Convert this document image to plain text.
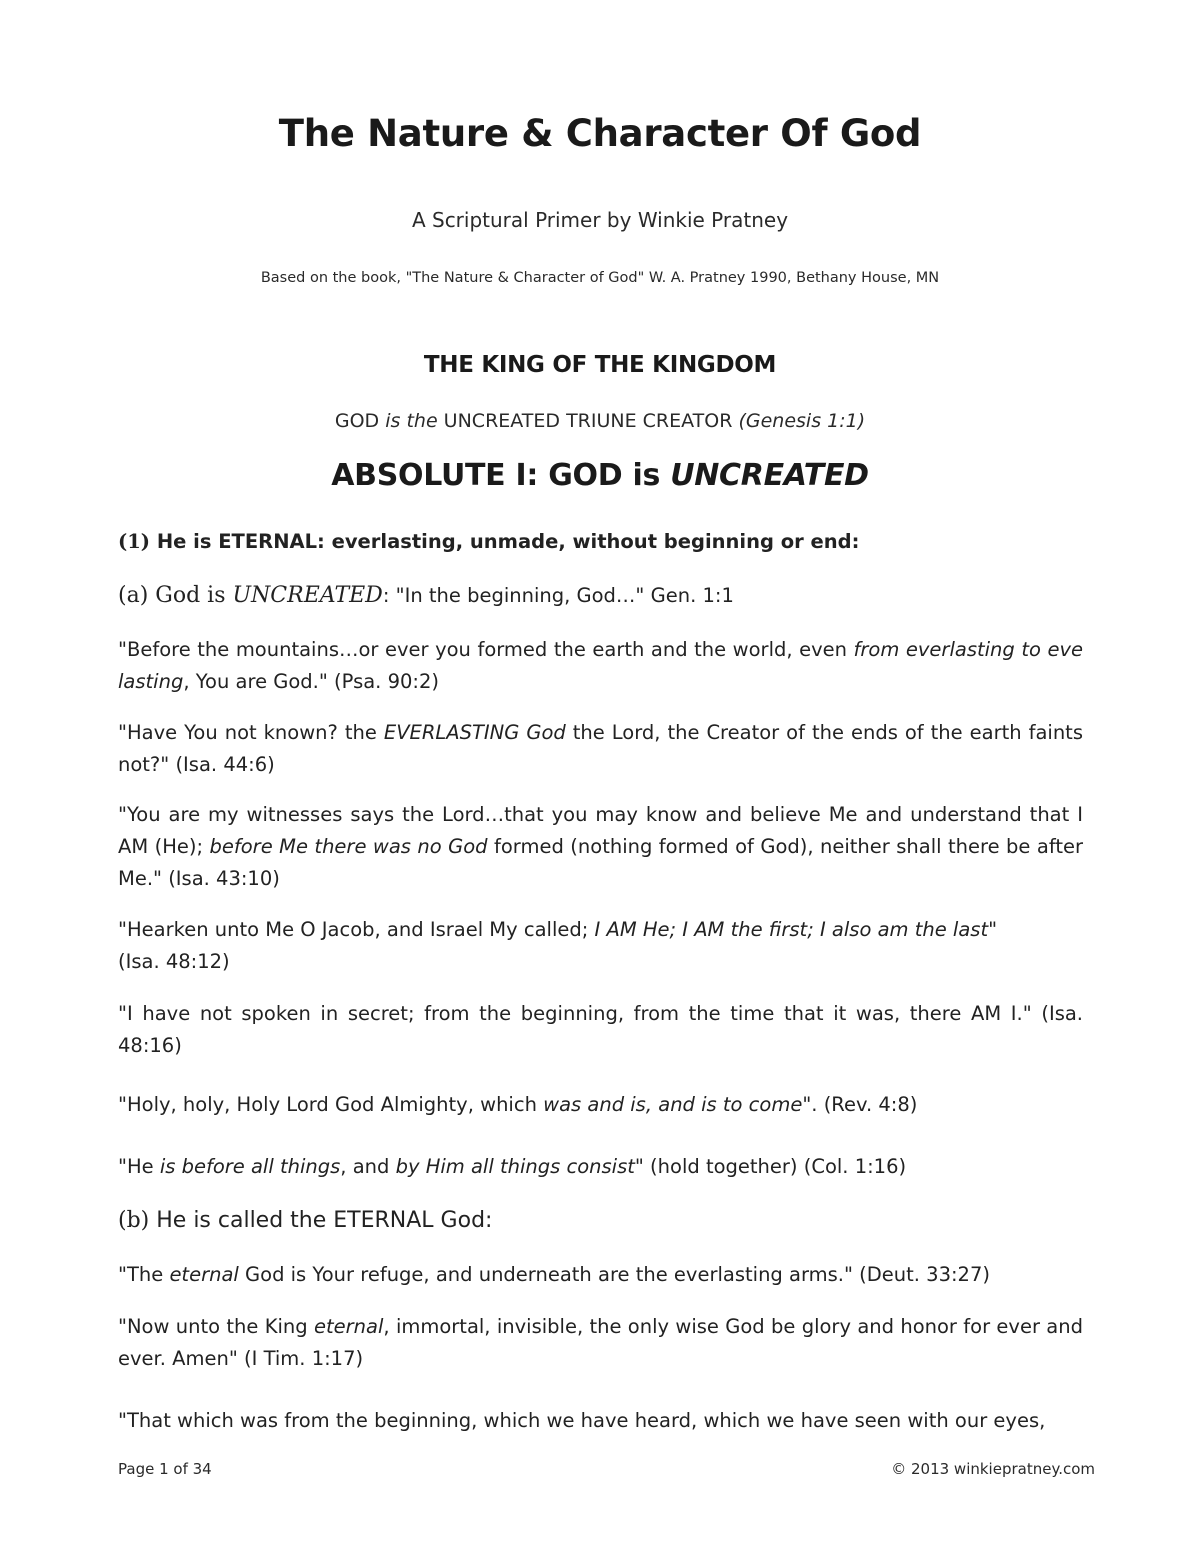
The Nature & Character Of God
A Scriptural Primer by Winkie Pratney
Based on the book, "The Nature & Character of God" W. A. Pratney 1990, Bethany House, MN
THE KING OF THE KINGDOM
GOD is the UNCREATED TRIUNE CREATOR (Genesis 1:1)
ABSOLUTE I: GOD is UNCREATED
(1) He is ETERNAL: everlasting, unmade, without beginning or end:
(a) God is UNCREATED: "In the beginning, God…" Gen. 1:1
"Before the mountains…or ever you formed the earth and the world, even from everlasting to eve lasting, You are God." (Psa. 90:2)
"Have You not known? the EVERLASTING God the Lord, the Creator of the ends of the earth faints not?" (Isa. 44:6)
"You are my witnesses says the Lord…that you may know and believe Me and understand that I AM (He); before Me there was no God formed (nothing formed of God), neither shall there be after Me." (Isa. 43:10)
"Hearken unto Me O Jacob, and Israel My called; I AM He; I AM the first; I also am the last"
(Isa. 48:12)
"I have not spoken in secret; from the beginning, from the time that it was, there AM I." (Isa. 48:16)
"Holy, holy, Holy Lord God Almighty, which was and is, and is to come". (Rev. 4:8)
"He is before all things, and by Him all things consist" (hold together) (Col. 1:16)
(b) He is called the ETERNAL God:
"The eternal God is Your refuge, and underneath are the everlasting arms." (Deut. 33:27)
"Now unto the King eternal, immortal, invisible, the only wise God be glory and honor for ever and ever. Amen" (I Tim. 1:17)
"That which was from the beginning, which we have heard, which we have seen with our eyes,
Page 1 of 34	© 2013 winkiepratney.com
